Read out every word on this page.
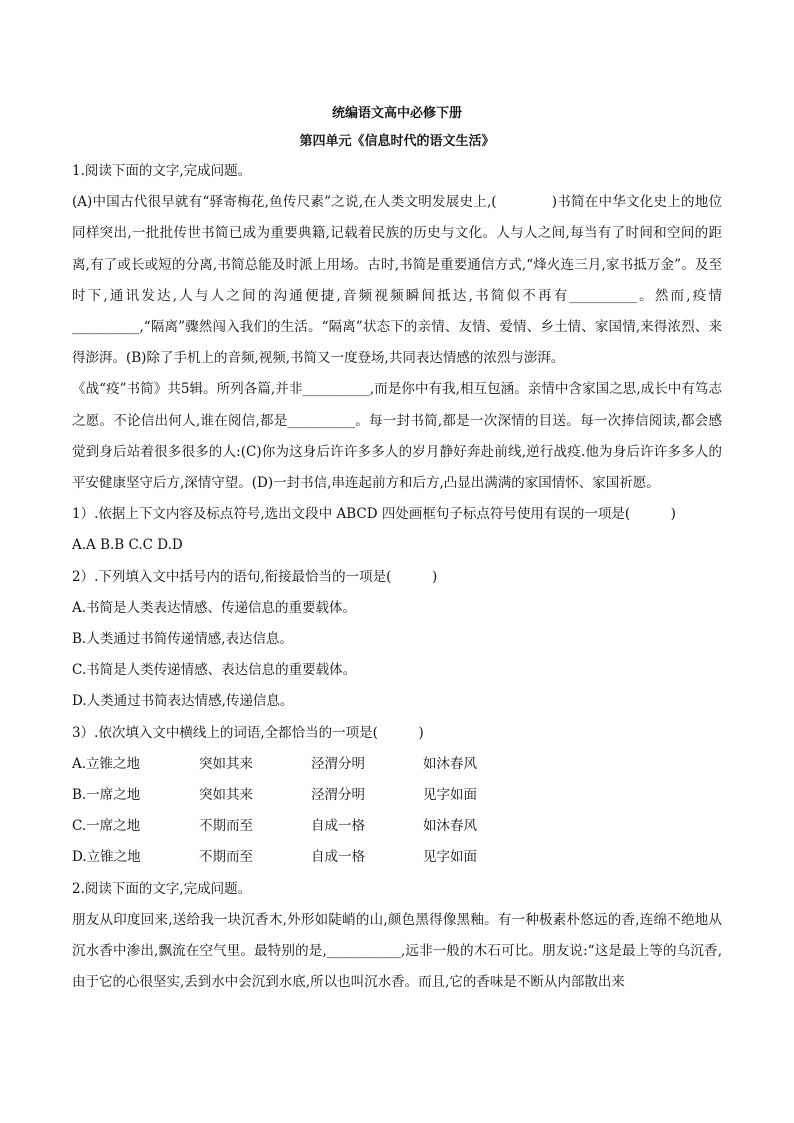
统编语文高中必修下册
第四单元《信息时代的语文生活》
1.阅读下面的文字,完成问题。
(A)中国古代很早就有“驿寄梅花,鱼传尺素”之说,在人类文明发展史上,(　　　　)书简在中华文化史上的地位同样突出,一批批传世书简已成为重要典籍,记载着民族的历史与文化。人与人之间,每当有了时间和空间的距离,有了或长或短的分离,书简总能及时派上用场。古时,书简是重要通信方式,“烽火连三月,家书抵万金”。及至时下,通讯发达,人与人之间的沟通便捷,音频视频瞬间抵达,书简似不再有__________。然而,疫情__________,“隔离”骤然闯入我们的生活。“隔离”状态下的亲情、友情、爱情、乡土情、家国情,来得浓烈、来得澎湃。(B)除了手机上的音频,视频,书简又一度登场,共同表达情感的浓烈与澎湃。
《战“疫”书简》共5辑。所列各篇,并非__________,而是你中有我,相互包涵。亲情中含家国之思,成长中有笃志之愿。不论信出何人,谁在阅信,都是__________。每一封书简,都是一次深情的目送。每一次捧信阅读,都会感觉到身后站着很多很多的人:(C)你为这身后许许多多人的岁月静好奔赴前线,逆行战疫.他为身后许许多多人的平安健康坚守后方,深情守望。(D)一封书信,串连起前方和后方,凸显出满满的家国情怀、家国祈愿。
1）.依据上下文内容及标点符号,选出文段中 ABCD 四处画框句子标点符号使用有误的一项是(　　　)
A.A B.B C.C D.D
2）.下列填入文中括号内的语句,衔接最恰当的一项是(　　　)
A.书简是人类表达情感、传递信息的重要载体。
B.人类通过书简传递情感,表达信息。
C.书简是人类传递情感、表达信息的重要载体。
D.人类通过书简表达情感,传递信息。
3）.依次填入文中横线上的词语,全都恰当的一项是(　　　)
A.立锥之地	突如其来	泾渭分明	如沐春风
B.一席之地	突如其来	泾渭分明	见字如面
C.一席之地	不期而至	自成一格	如沐春风
D.立锥之地	不期而至	自成一格	见字如面
2.阅读下面的文字,完成问题。
朋友从印度回来,送给我一块沉香木,外形如陡峭的山,颜色黑得像黑釉。有一种极素朴悠远的香,连绵不绝地从沉水香中渗出,飘流在空气里。最特别的是,___________,远非一般的木石可比。朋友说:“这是最上等的乌沉香,由于它的心很坚实,丢到水中会沉到水底,所以也叫沉水香。而且,它的香味是不断从内部散出来
